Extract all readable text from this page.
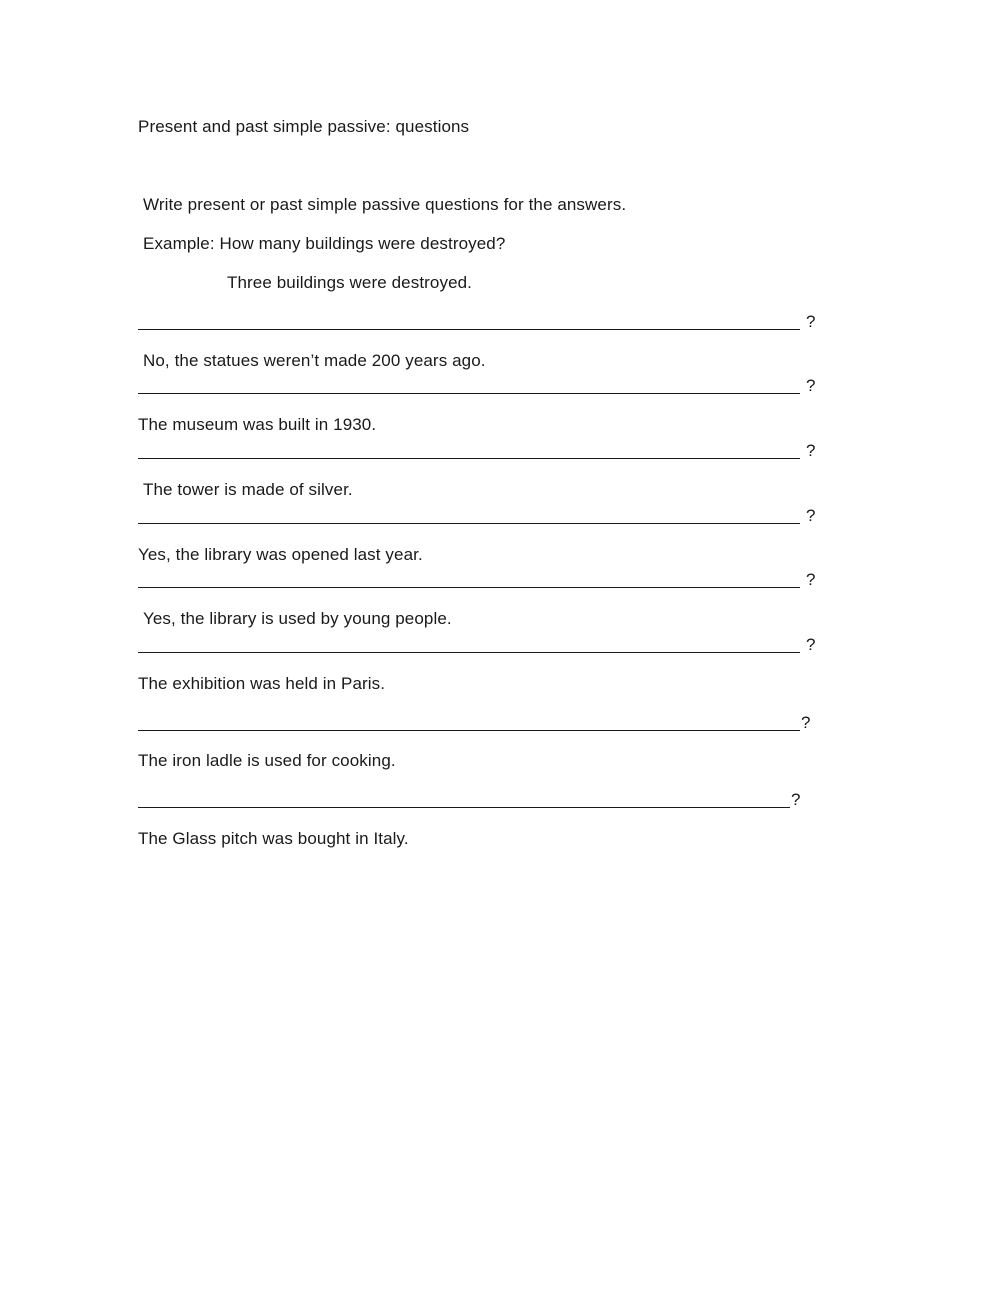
Present and past simple passive: questions
Write present or past simple passive questions for the answers.
Example: How many buildings were destroyed?
Three buildings were destroyed.
?
No, the statues weren’t made 200 years ago.
?
The museum was built in 1930.
?
The tower is made of silver.
?
Yes, the library was opened last year.
?
Yes, the library is used by young people.
?
The exhibition was held in Paris.
?
The iron ladle is used for cooking.
?
The Glass pitch was bought in Italy.
